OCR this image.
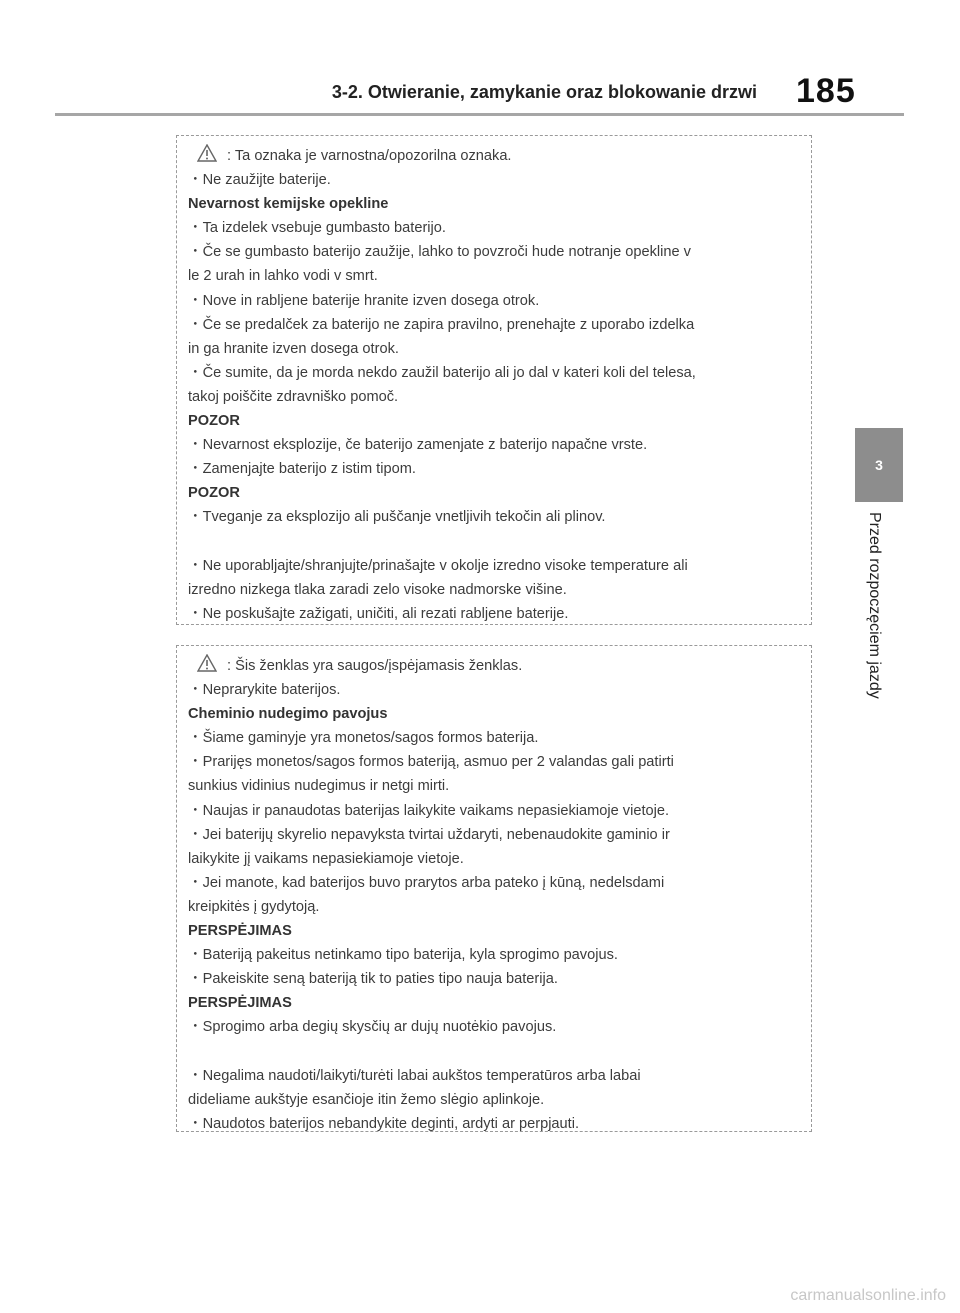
3-2. Otwieranie, zamykanie oraz blokowanie drzwi 185
3
Przed rozpoczęciem jazdy
: Ta oznaka je varnostna/opozorilna oznaka.
・Ne zaužijte baterije.
Nevarnost kemijske opekline
・Ta izdelek vsebuje gumbasto baterijo.
・Če se gumbasto baterijo zaužije, lahko to povzroči hude notranje opekline v
le 2 urah in lahko vodi v smrt.
・Nove in rabljene baterije hranite izven dosega otrok.
・Če se predalček za baterijo ne zapira pravilno, prenehajte z uporabo izdelka
in ga hranite izven dosega otrok.
・Če sumite, da je morda nekdo zaužil baterijo ali jo dal v kateri koli del telesa,
takoj poiščite zdravniško pomoč.
POZOR
・Nevarnost eksplozije, če baterijo zamenjate z baterijo napačne vrste.
・Zamenjajte baterijo z istim tipom.
POZOR
・Tveganje za eksplozijo ali puščanje vnetljivih tekočin ali plinov.
・Ne uporabljajte/shranjujte/prinašajte v okolje izredno visoke temperature ali
izredno nizkega tlaka zaradi zelo visoke nadmorske višine.
・Ne poskušajte zažigati, uničiti, ali rezati rabljene baterije.
: Šis ženklas yra saugos/įspėjamasis ženklas.
・Neprarykite baterijos.
Cheminio nudegimo pavojus
・Šiame gaminyje yra monetos/sagos formos baterija.
・Prarijęs monetos/sagos formos bateriją, asmuo per 2 valandas gali patirti
sunkius vidinius nudegimus ir netgi mirti.
・Naujas ir panaudotas baterijas laikykite vaikams nepasiekiamoje vietoje.
・Jei baterijų skyrelio nepavyksta tvirtai uždaryti, nebenaudokite gaminio ir
laikykite jį vaikams nepasiekiamoje vietoje.
・Jei manote, kad baterijos buvo prarytos arba pateko į kūną, nedelsdami
kreipkitės į gydytoją.
PERSPĖJIMAS
・Bateriją pakeitus netinkamo tipo baterija, kyla sprogimo pavojus.
・Pakeiskite seną bateriją tik to paties tipo nauja baterija.
PERSPĖJIMAS
・Sprogimo arba degių skysčių ar dujų nuotėkio pavojus.
・Negalima naudoti/laikyti/turėti labai aukštos temperatūros arba labai
dideliame aukštyje esančioje itin žemo slėgio aplinkoje.
・Naudotos baterijos nebandykite deginti, ardyti ar perpjauti.
carmanualsonline.info
